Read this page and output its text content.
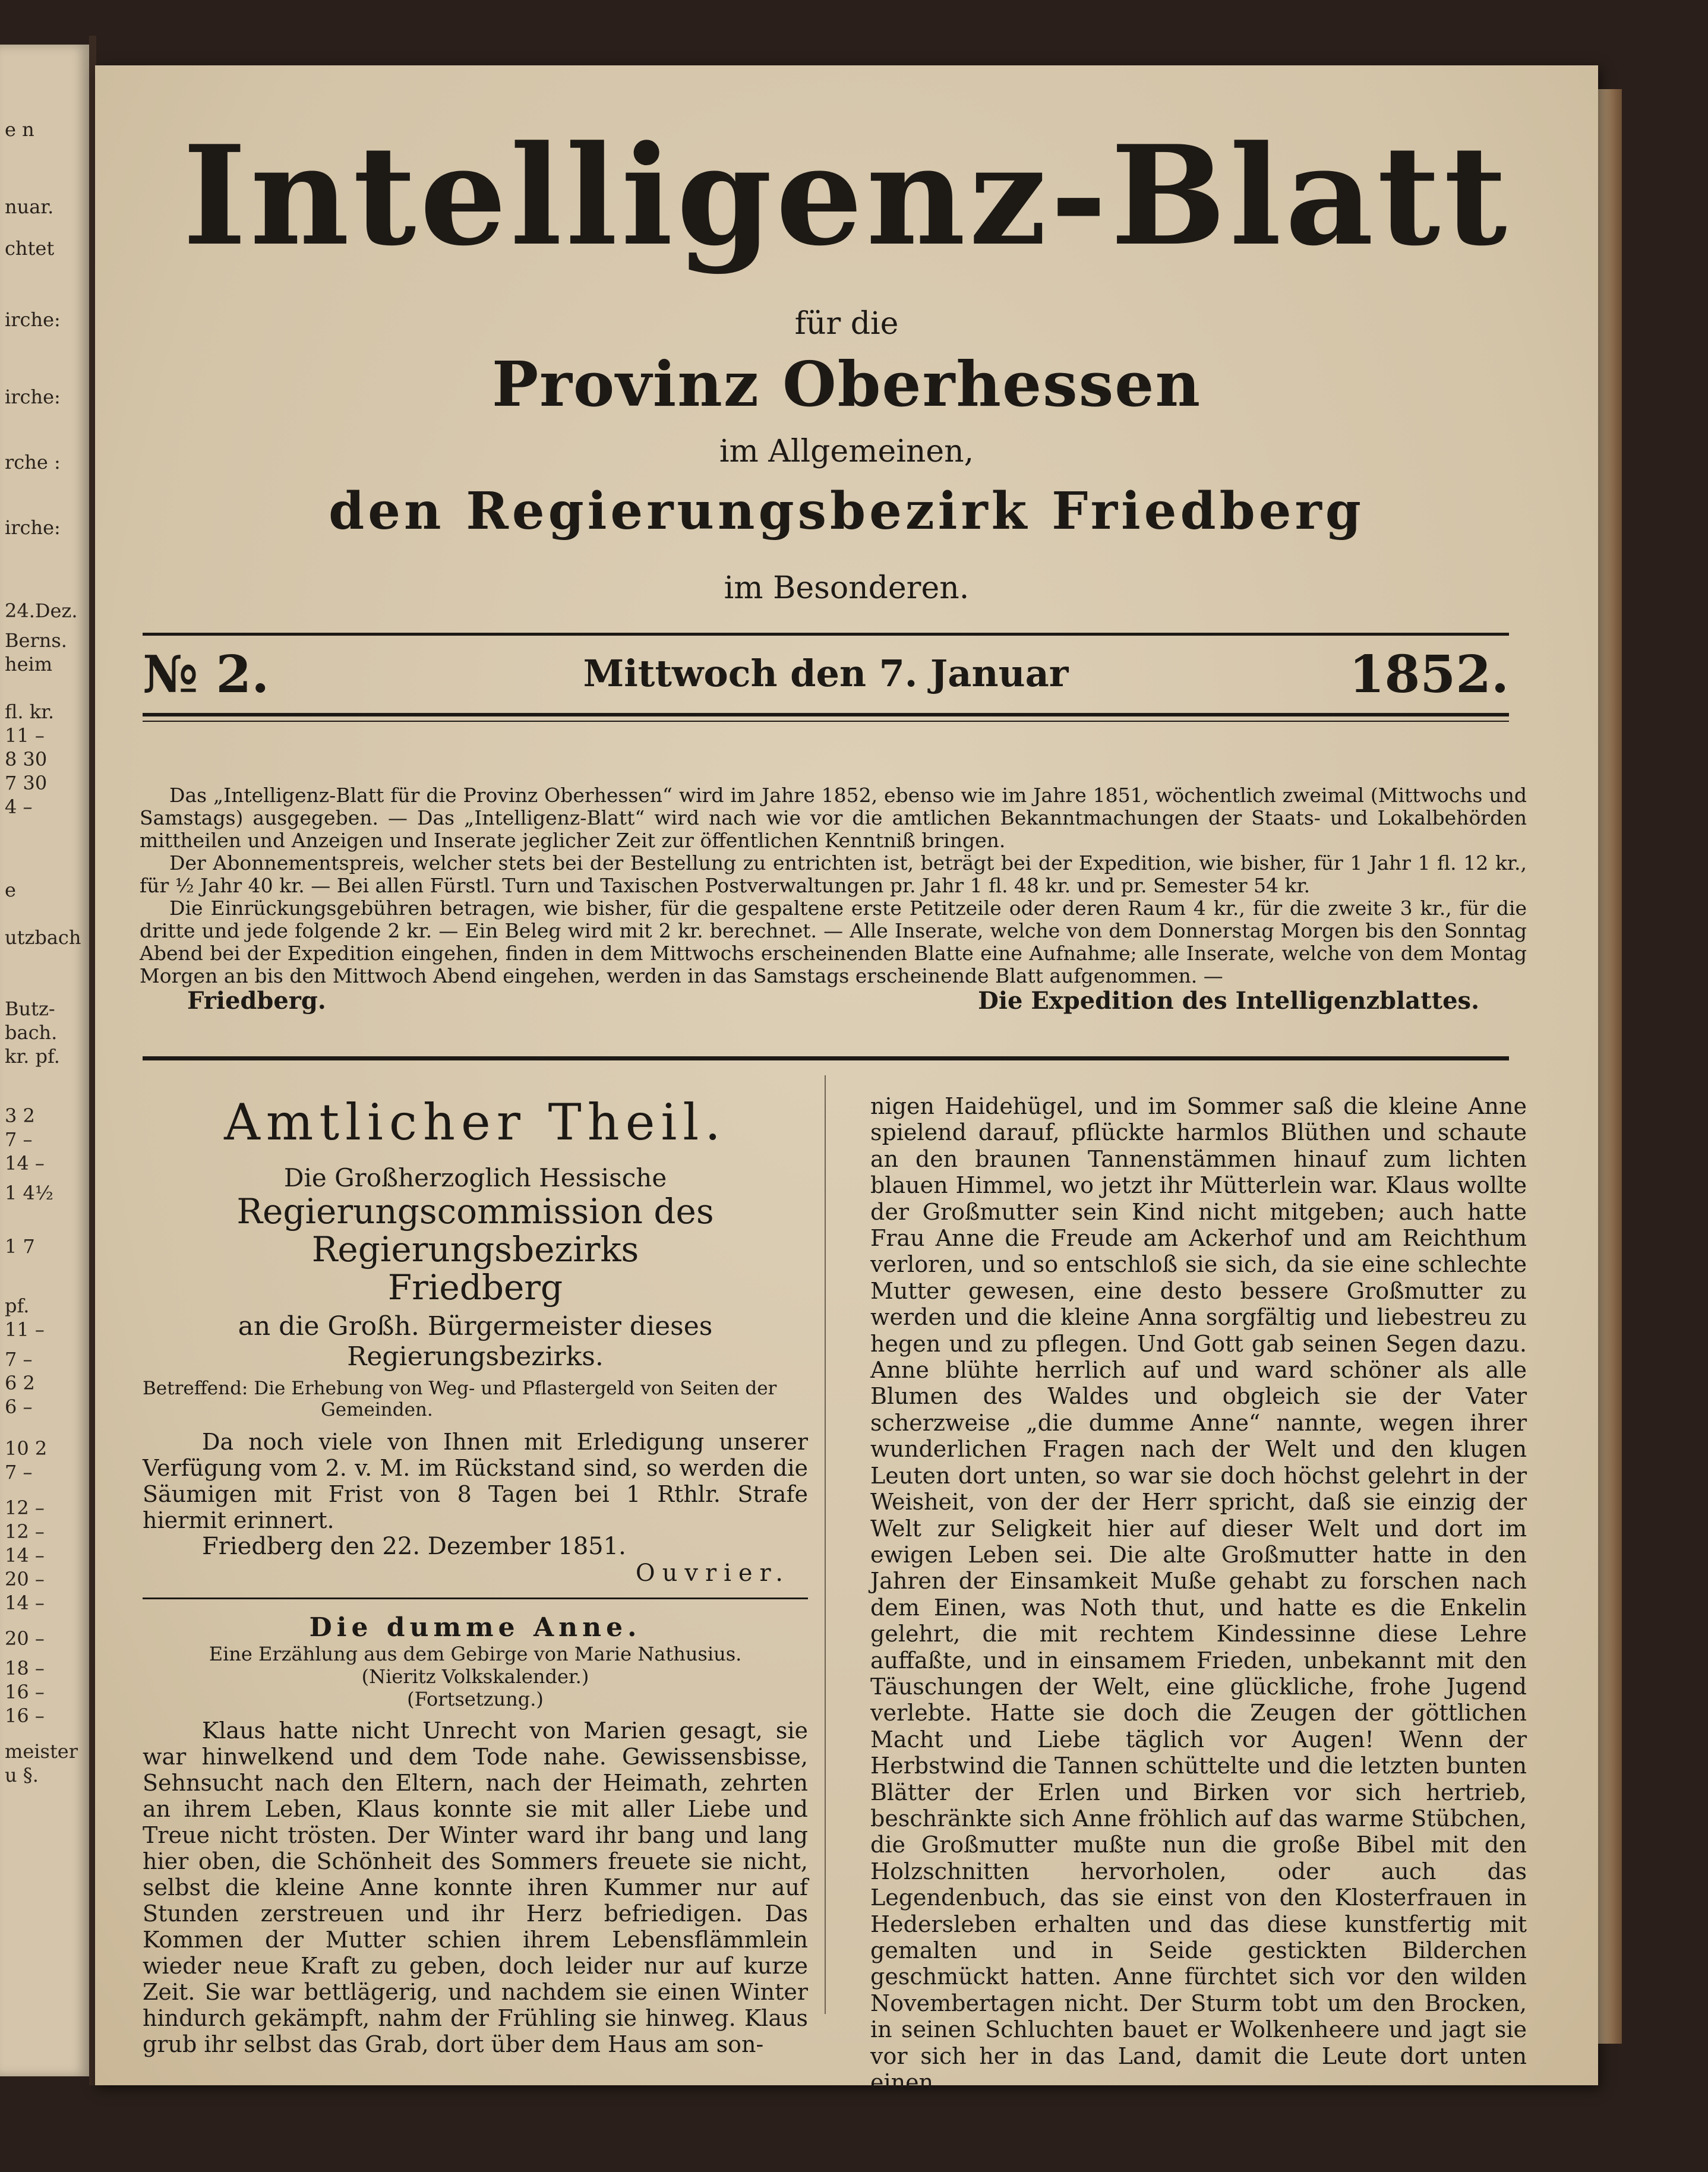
e n
nuar.
chtet
irche:
irche:
rche :
irche:
24.Dez.
Berns.
heim
fl. kr.
11 –
8 30
7 30
4 –
e
utzbach
Butz-
bach.
kr. pf.
3 2
7 –
14 –
1 4½
1 7
pf.
11 –
7 –
6 2
6 –
10 2
7 –
12 –
12 –
14 –
20 –
14 –
20 –
18 –
16 –
16 –
meister
u §.
Intelligenz-Blatt
für die
Provinz Oberhessen
im Allgemeinen,
den Regierungsbezirk Friedberg
im Besonderen.
№ 2.	Mittwoch den 7. Januar	1852.

Das „Intelligenz-Blatt für die Provinz Oberhessen“ wird im Jahre 1852, ebenso wie im Jahre 1851, wöchentlich zweimal (Mittwochs und Samstags) ausgegeben. — Das „Intelligenz-Blatt“ wird nach wie vor die amtlichen Bekanntmachungen der Staats- und Lokalbehörden mittheilen und Anzeigen und Inserate jeglicher Zeit zur öffentlichen Kenntniß bringen.

Der Abonnementspreis, welcher stets bei der Bestellung zu entrichten ist, beträgt bei der Expedition, wie bisher, für 1 Jahr 1 fl. 12 kr., für ½ Jahr 40 kr. — Bei allen Fürstl. Turn und Taxischen Postverwaltungen pr. Jahr 1 fl. 48 kr. und pr. Semester 54 kr.

Die Einrückungsgebühren betragen, wie bisher, für die gespaltene erste Petitzeile oder deren Raum 4 kr., für die zweite 3 kr., für die dritte und jede folgende 2 kr. — Ein Beleg wird mit 2 kr. berechnet. — Alle Inserate, welche von dem Donnerstag Morgen bis den Sonntag Abend bei der Expedition eingehen, finden in dem Mittwochs erscheinenden Blatte eine Aufnahme; alle Inserate, welche von dem Montag Morgen an bis den Mittwoch Abend eingehen, werden in das Samstags erscheinende Blatt aufgenommen. —

Friedberg.	Die Expedition des Intelligenzblattes.
Amtlicher Theil.
Die Großherzoglich Hessische
Regierungscommission des Regierungsbezirks
Friedberg
an die Großh. Bürgermeister dieses Regierungsbezirks.
Betreffend: Die Erhebung von Weg- und Pflastergeld von Seiten der Gemeinden.

Da noch viele von Ihnen mit Erledigung unserer Verfügung vom 2. v. M. im Rückstand sind, so werden die Säumigen mit Frist von 8 Tagen bei 1 Rthlr. Strafe hiermit erinnert.

Friedberg den 22. Dezember 1851.

Ouvrier.
Die dumme Anne.
Eine Erzählung aus dem Gebirge von Marie Nathusius.
(Nieritz Volkskalender.)
(Fortsetzung.)

Klaus hatte nicht Unrecht von Marien gesagt, sie war hinwelkend und dem Tode nahe. Gewissensbisse, Sehnsucht nach den Eltern, nach der Heimath, zehrten an ihrem Leben, Klaus konnte sie mit aller Liebe und Treue nicht trösten. Der Winter ward ihr bang und lang hier oben, die Schönheit des Sommers freuete sie nicht, selbst die kleine Anne konnte ihren Kummer nur auf Stunden zerstreuen und ihr Herz befriedigen. Das Kommen der Mutter schien ihrem Lebensflämmlein wieder neue Kraft zu geben, doch leider nur auf kurze Zeit. Sie war bettlägerig, und nachdem sie einen Winter hindurch gekämpft, nahm der Frühling sie hinweg. Klaus grub ihr selbst das Grab, dort über dem Haus am son-

nigen Haidehügel, und im Sommer saß die kleine Anne spielend darauf, pflückte harmlos Blüthen und schaute an den braunen Tannenstämmen hinauf zum lichten blauen Himmel, wo jetzt ihr Mütterlein war. Klaus wollte der Großmutter sein Kind nicht mitgeben; auch hatte Frau Anne die Freude am Ackerhof und am Reichthum verloren, und so entschloß sie sich, da sie eine schlechte Mutter gewesen, eine desto bessere Großmutter zu werden und die kleine Anna sorgfältig und liebestreu zu hegen und zu pflegen. Und Gott gab seinen Segen dazu. Anne blühte herrlich auf und ward schöner als alle Blumen des Waldes und obgleich sie der Vater scherzweise „die dumme Anne“ nannte, wegen ihrer wunderlichen Fragen nach der Welt und den klugen Leuten dort unten, so war sie doch höchst gelehrt in der Weisheit, von der der Herr spricht, daß sie einzig der Welt zur Seligkeit hier auf dieser Welt und dort im ewigen Leben sei. Die alte Großmutter hatte in den Jahren der Einsamkeit Muße gehabt zu forschen nach dem Einen, was Noth thut, und hatte es die Enkelin gelehrt, die mit rechtem Kindessinne diese Lehre auffaßte, und in einsamem Frieden, unbekannt mit den Täuschungen der Welt, eine glückliche, frohe Jugend verlebte. Hatte sie doch die Zeugen der göttlichen Macht und Liebe täglich vor Augen! Wenn der Herbstwind die Tannen schüttelte und die letzten bunten Blätter der Erlen und Birken vor sich hertrieb, beschränkte sich Anne fröhlich auf das warme Stübchen, die Großmutter mußte nun die große Bibel mit den Holzschnitten hervorholen, oder auch das Legendenbuch, das sie einst von den Klosterfrauen in Hedersleben erhalten und das diese kunstfertig mit gemalten und in Seide gestickten Bilderchen geschmückt hatten. Anne fürchtet sich vor den wilden Novembertagen nicht. Der Sturm tobt um den Brocken, in seinen Schluchten bauet er Wolkenheere und jagt sie vor sich her in das Land, damit die Leute dort unten einen
